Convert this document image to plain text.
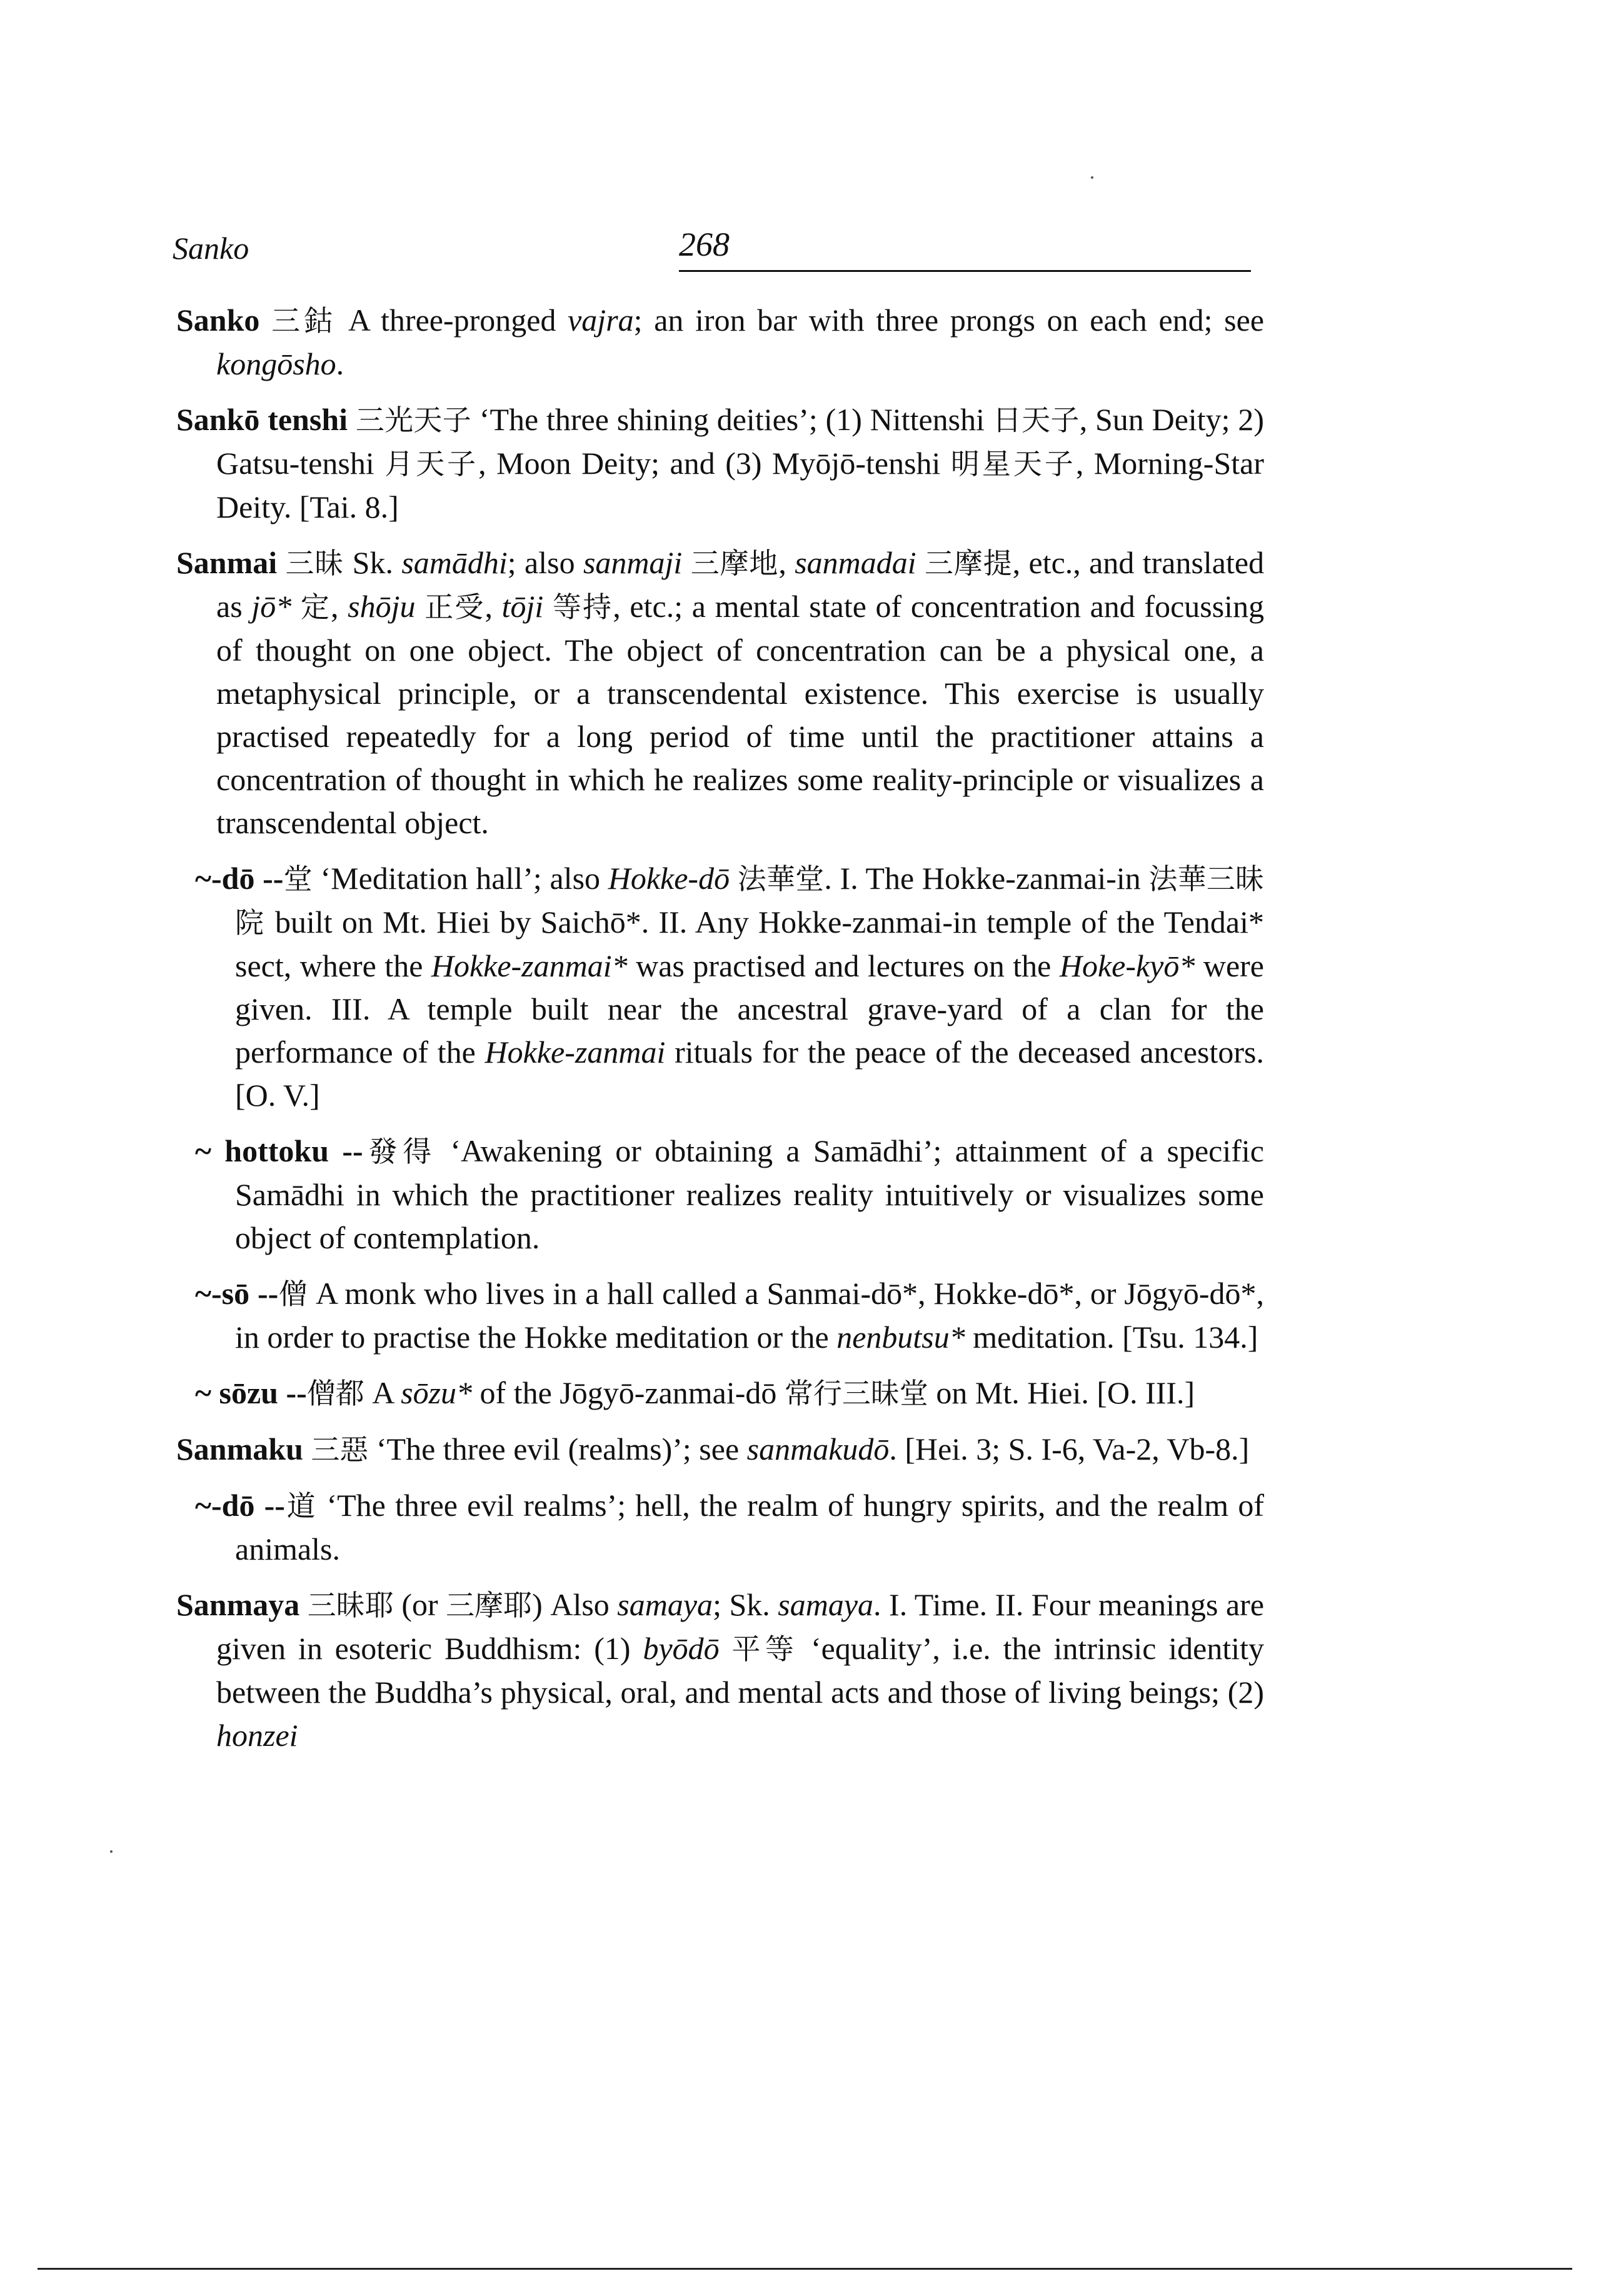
Sanko	268

Sanko 三鈷 A three-pronged vajra; an iron bar with three prongs on each end; see kongōsho.

Sankō tenshi 三光天子 ‘The three shining deities’; (1) Nittenshi 日天子, Sun Deity; 2) Gatsu-tenshi 月天子, Moon Deity; and (3) Myōjō-tenshi 明星天子, Morning-Star Deity. [Tai. 8.]

Sanmai 三昧 Sk. samādhi; also sanmaji 三摩地, sanmadai 三摩提, etc., and translated as jō* 定, shōju 正受, tōji 等持, etc.; a mental state of concentration and focussing of thought on one object. The object of concentration can be a physical one, a metaphysical principle, or a transcendental existence. This exercise is usually practised repeatedly for a long period of time until the practitioner attains a concentration of thought in which he realizes some reality-principle or visualizes a transcendental object.

~-dō --堂 ‘Meditation hall’; also Hokke-dō 法華堂. I. The Hokke-zanmai-in 法華三昧院 built on Mt. Hiei by Saichō*. II. Any Hokke-zanmai-in temple of the Tendai* sect, where the Hokke-zanmai* was practised and lectures on the Hoke-kyō* were given. III. A temple built near the ancestral grave-yard of a clan for the performance of the Hokke-zanmai rituals for the peace of the deceased ancestors. [O. V.]

~ hottoku --發得 ‘Awakening or obtaining a Samādhi’; attainment of a specific Samādhi in which the practitioner realizes reality intuitively or visualizes some object of contemplation.

~-sō --僧 A monk who lives in a hall called a Sanmai-dō*, Hokke-dō*, or Jōgyō-dō*, in order to practise the Hokke meditation or the nenbutsu* meditation. [Tsu. 134.]

~ sōzu --僧都 A sōzu* of the Jōgyō-zanmai-dō 常行三昧堂 on Mt. Hiei. [O. III.]

Sanmaku 三惡 ‘The three evil (realms)’; see sanmakudō. [Hei. 3; S. I-6, Va-2, Vb-8.]

~-dō --道 ‘The three evil realms’; hell, the realm of hungry spirits, and the realm of animals.

Sanmaya 三昧耶 (or 三摩耶) Also samaya; Sk. samaya. I. Time. II. Four meanings are given in esoteric Buddhism: (1) byōdō 平等 ‘equality’, i.e. the intrinsic identity between the Buddha’s physical, oral, and mental acts and those of living beings; (2) honzei
